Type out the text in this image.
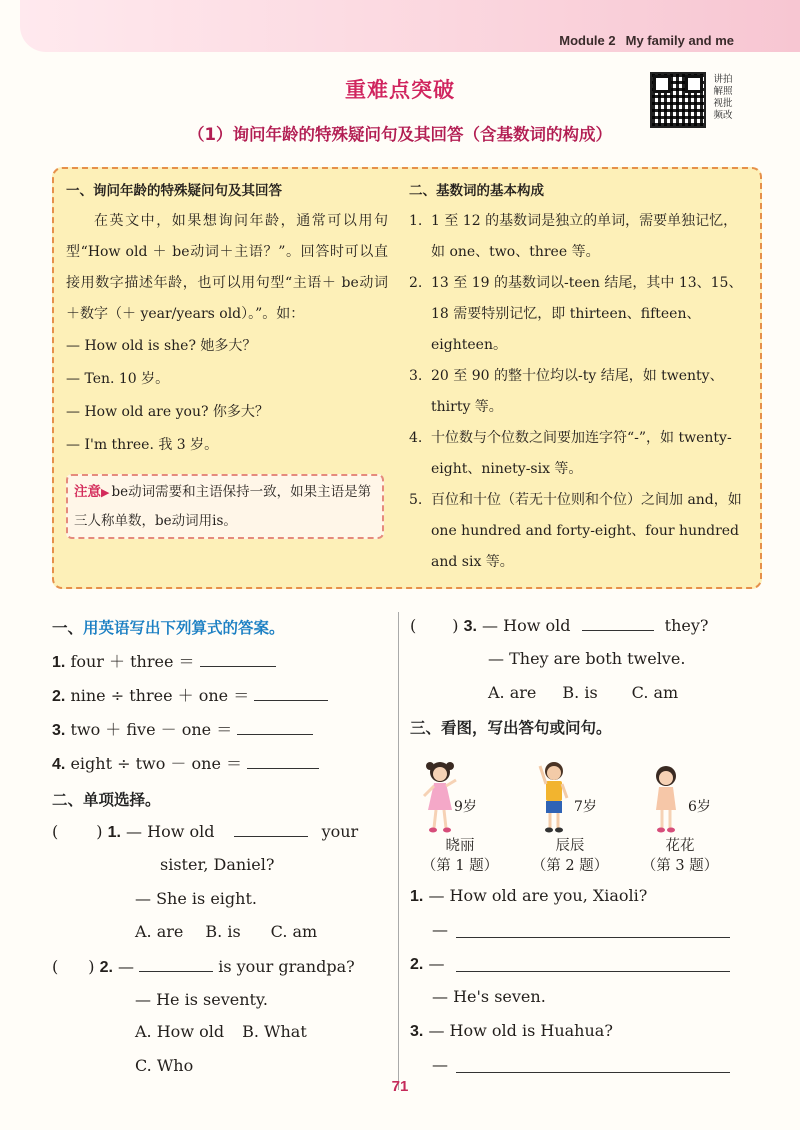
Module 2 My family and me
重难点突破	讲拍
解照
视批
频改
（1）询问年龄的特殊疑问句及其回答（含基数词的构成）
一、询问年龄的特殊疑问句及其回答
在英文中，如果想询问年龄，通常可以用句型“How old ＋ be动词＋主语？”。回答时可以直接用数字描述年龄，也可以用句型“主语＋ be动词＋数字（＋ year/years old）。”。如：
— How old is she? 她多大？
— Ten. 10 岁。
— How old are you? 你多大？
— I'm three. 我 3 岁。
注意▶ be动词需要和主语保持一致，如果主语是第三人称单数，be动词用is。
二、基数词的基本构成
1. 1 至 12 的基数词是独立的单词，需要单独记忆，如 one、two、three 等。
2. 13 至 19 的基数词以-teen 结尾，其中 13、15、18 需要特别记忆，即 thirteen、fifteen、eighteen。
3. 20 至 90 的整十位均以-ty 结尾，如 twenty、thirty 等。
4. 十位数与个位数之间要加连字符“-”，如 twenty-eight、ninety-six 等。
5. 百位和十位（若无十位则和个位）之间加 and，如 one hundred and forty-eight、four hundred and six 等。
一、用英语写出下列算式的答案。
1. four ＋ three ＝
2. nine ÷ three ＋ one ＝
3. two ＋ five － one ＝
4. eight ÷ two － one ＝
二、单项选择。
( ) 1. — How old	your
sister, Daniel?
— She is eight.
A. are B. is C. am
( ) 2. —	is your grandpa?
— He is seventy.
A. How old B. What
C. Who
( ) 3. — How old	they?
— They are both twelve.
A. are B. is C. am
三、看图，写出答句或问句。
9岁
晓丽
（第 1 题）
7岁
辰辰
（第 2 题）
6岁
花花
（第 3 题）
1. — How old are you, Xiaoli?
—
2. —
— He's seven.
3. — How old is Huahua?
—
71
